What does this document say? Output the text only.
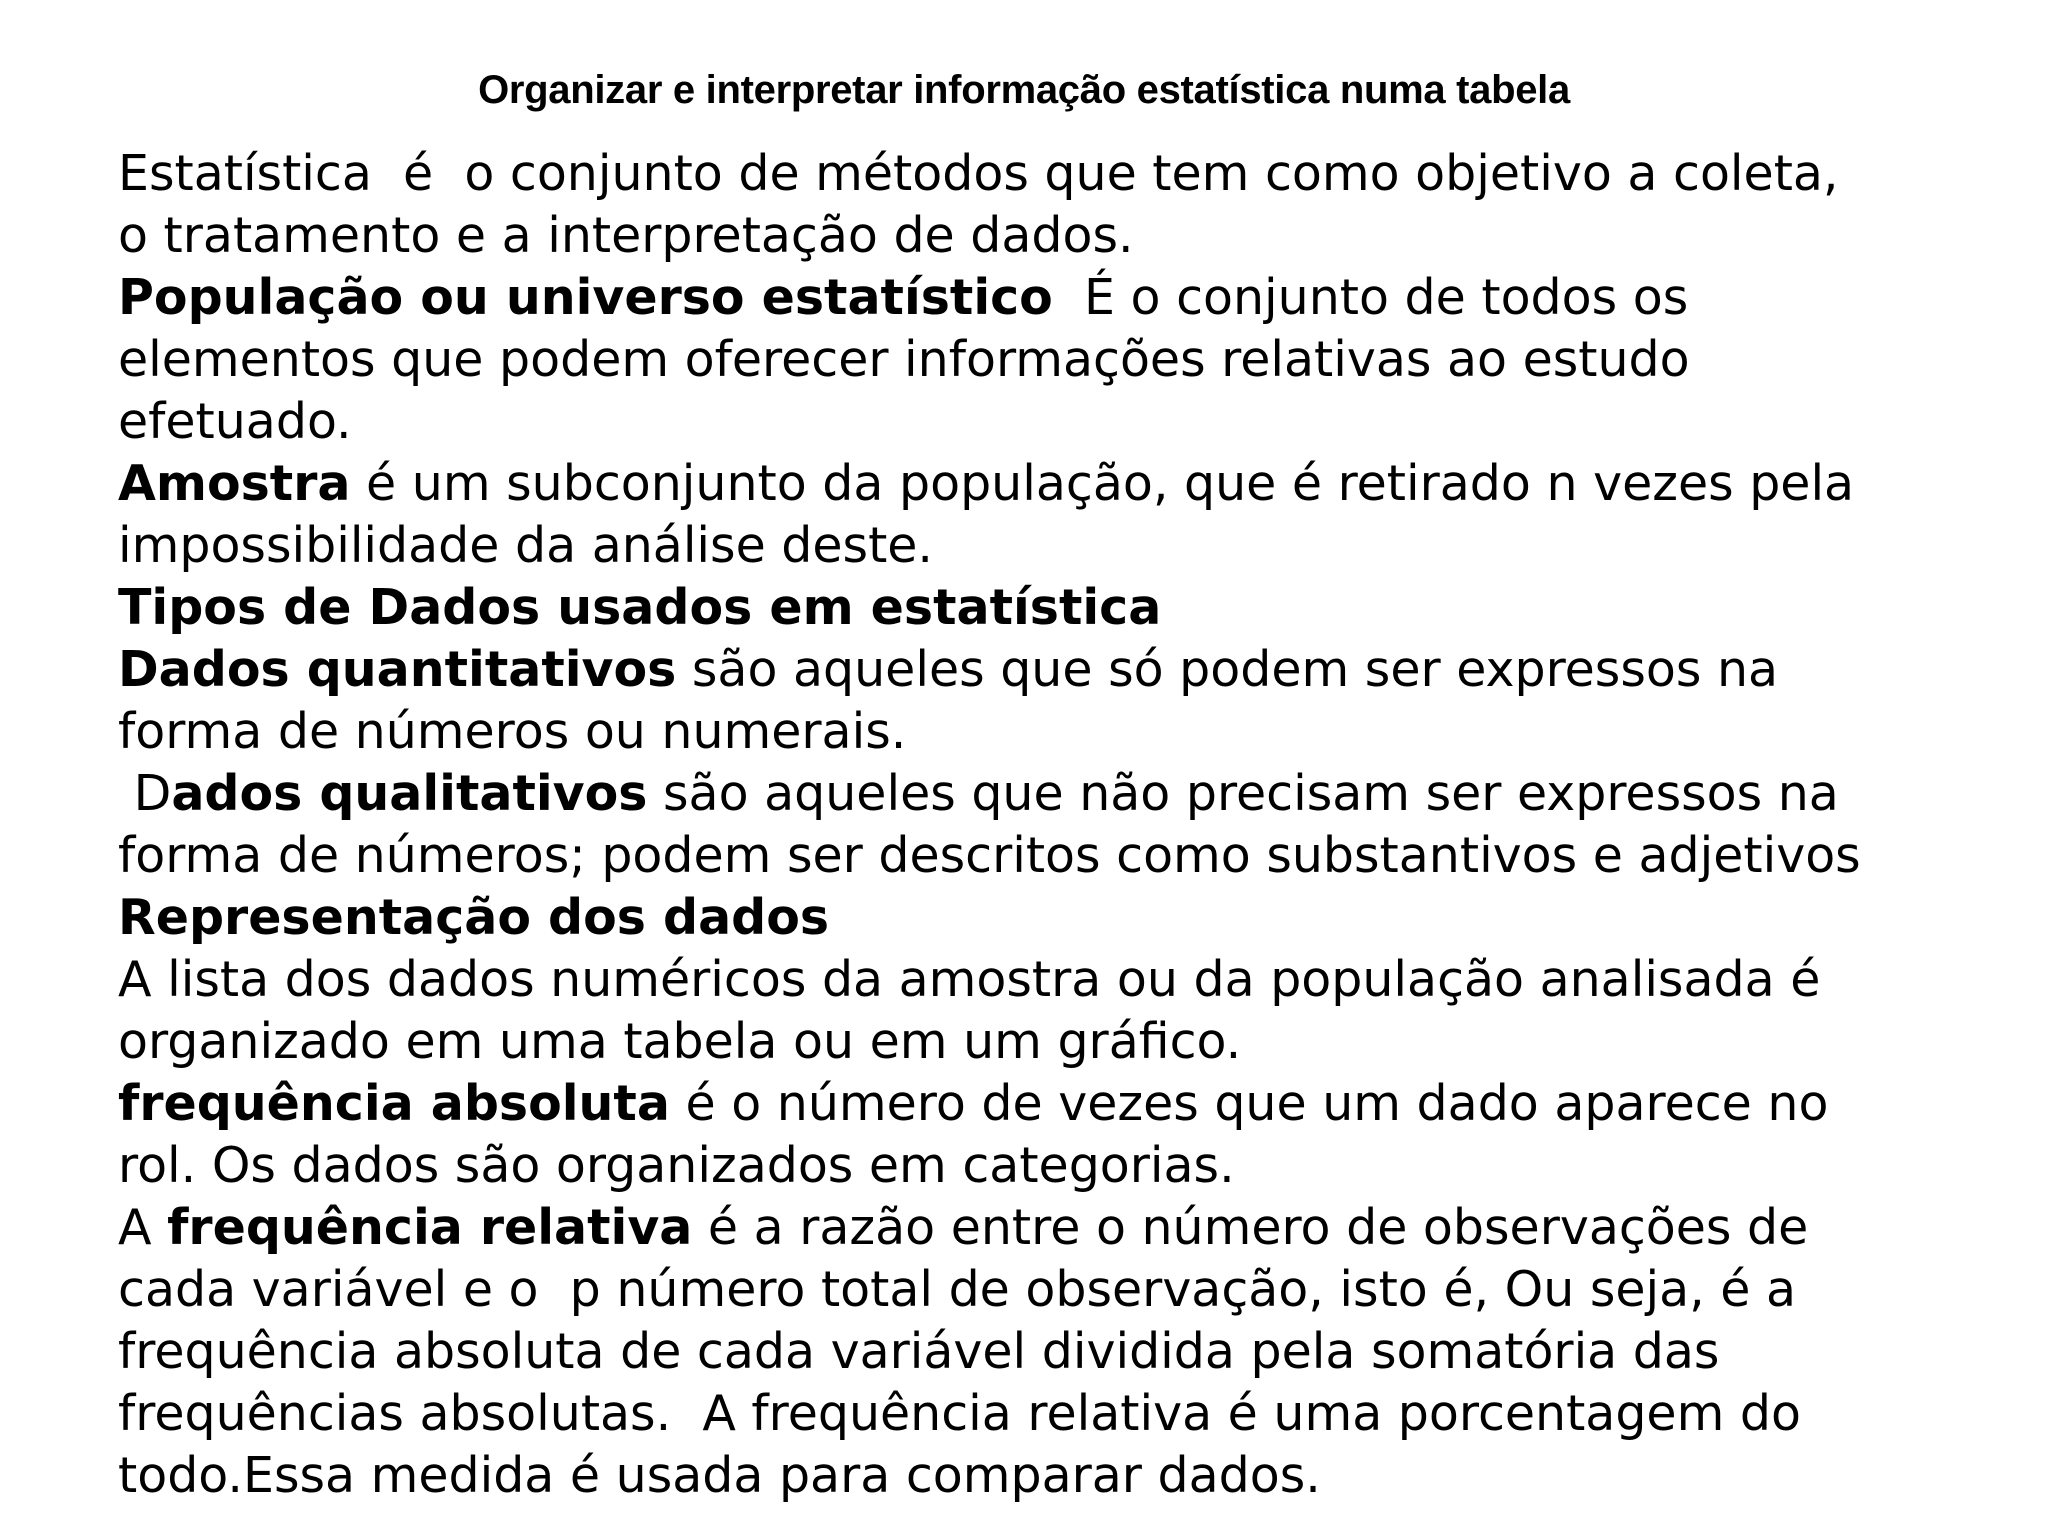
Organizar e interpretar informação estatística numa tabela
Estatística  é  o conjunto de métodos que tem como objetivo a coleta,
o tratamento e a interpretação de dados.
População ou universo estatístico  É o conjunto de todos os
elementos que podem oferecer informações relativas ao estudo
efetuado.
Amostra é um subconjunto da população, que é retirado n vezes pela
impossibilidade da análise deste.
Tipos de Dados usados em estatística
Dados quantitativos são aqueles que só podem ser expressos na
forma de números ou numerais.
Dados qualitativos são aqueles que não precisam ser expressos na
forma de números; podem ser descritos como substantivos e adjetivos
Representação dos dados
A lista dos dados numéricos da amostra ou da população analisada é
organizado em uma tabela ou em um gráfico.
frequência absoluta é o número de vezes que um dado aparece no
rol. Os dados são organizados em categorias.
A frequência relativa é a razão entre o número de observações de
cada variável e o  p número total de observação, isto é, Ou seja, é a
frequência absoluta de cada variável dividida pela somatória das
frequências absolutas.  A frequência relativa é uma porcentagem do
todo.Essa medida é usada para comparar dados.
